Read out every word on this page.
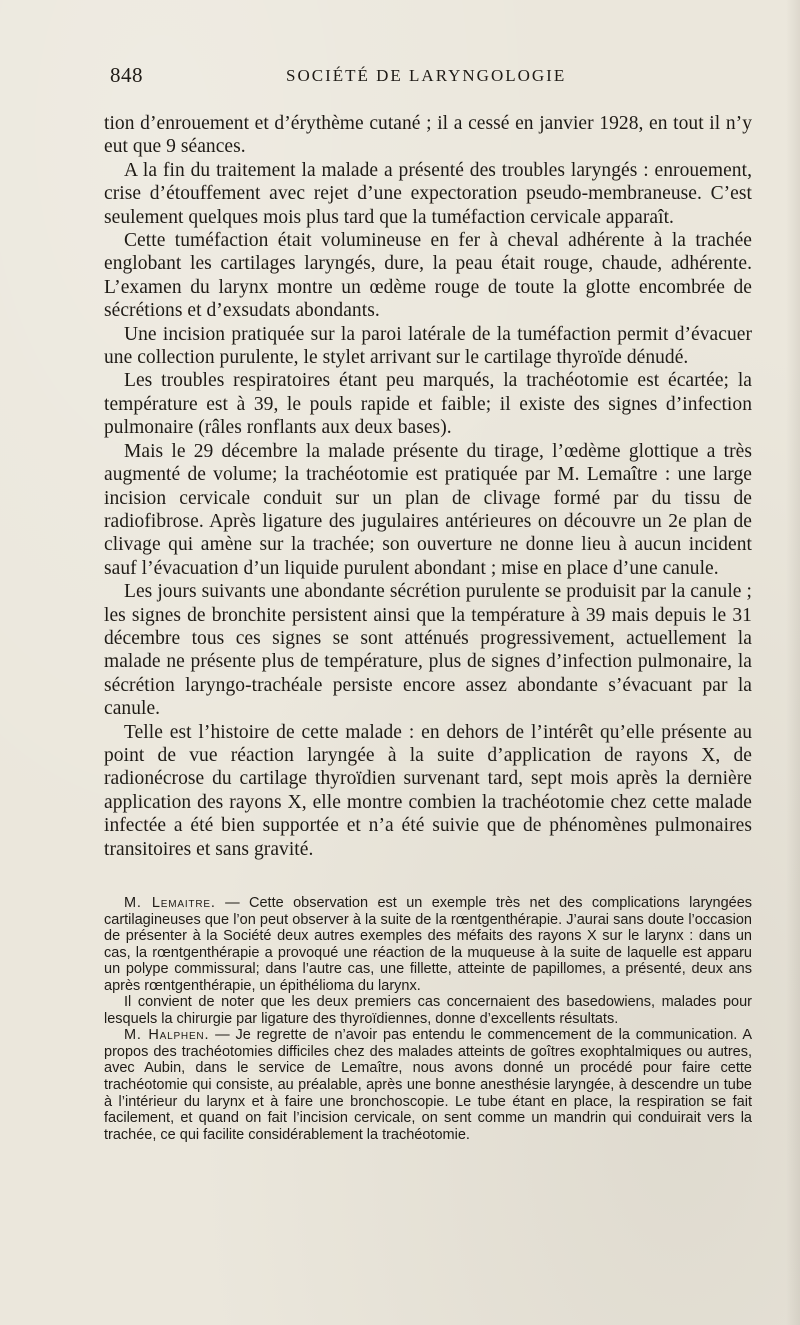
848	SOCIÉTÉ DE LARYNGOLOGIE

tion d’enrouement et d’érythème cutané ; il a cessé en janvier 1928, en tout il n’y eut que 9 séances.

A la fin du traitement la malade a présenté des troubles laryngés : enrouement, crise d’étouffement avec rejet d’une expectoration pseudo-membraneuse. C’est seulement quelques mois plus tard que la tuméfaction cervicale apparaît.

Cette tuméfaction était volumineuse en fer à cheval adhérente à la trachée englobant les cartilages laryngés, dure, la peau était rouge, chaude, adhérente. L’examen du larynx montre un œdème rouge de toute la glotte encombrée de sécrétions et d’exsudats abondants.

Une incision pratiquée sur la paroi latérale de la tuméfaction permit d’évacuer une collection purulente, le stylet arrivant sur le cartilage thyroïde dénudé.

Les troubles respiratoires étant peu marqués, la trachéotomie est écartée; la température est à 39, le pouls rapide et faible; il existe des signes d’infection pulmonaire (râles ronflants aux deux bases).

Mais le 29 décembre la malade présente du tirage, l’œdème glottique a très augmenté de volume; la trachéotomie est pratiquée par M. Lemaître : une large incision cervicale conduit sur un plan de clivage formé par du tissu de radiofibrose. Après ligature des jugulaires antérieures on découvre un 2e plan de clivage qui amène sur la trachée; son ouverture ne donne lieu à aucun incident sauf l’évacuation d’un liquide purulent abondant ; mise en place d’une canule.

Les jours suivants une abondante sécrétion purulente se produisit par la canule ; les signes de bronchite persistent ainsi que la température à 39 mais depuis le 31 décembre tous ces signes se sont atténués progressivement, actuellement la malade ne présente plus de température, plus de signes d’infection pulmonaire, la sécrétion laryngo-trachéale persiste encore assez abondante s’évacuant par la canule.

Telle est l’histoire de cette malade : en dehors de l’intérêt qu’elle présente au point de vue réaction laryngée à la suite d’application de rayons X, de radionécrose du cartilage thyroïdien survenant tard, sept mois après la dernière application des rayons X, elle montre combien la trachéotomie chez cette malade infectée a été bien supportée et n’a été suivie que de phénomènes pulmonaires transitoires et sans gravité.

M. Lemaitre. — Cette observation est un exemple très net des complications laryngées cartilagineuses que l’on peut observer à la suite de la rœntgenthérapie. J’aurai sans doute l’occasion de présenter à la Société deux autres exemples des méfaits des rayons X sur le larynx : dans un cas, la rœntgenthérapie a provoqué une réaction de la muqueuse à la suite de laquelle est apparu un polype commissural; dans l’autre cas, une fillette, atteinte de papillomes, a présenté, deux ans après rœntgenthérapie, un épithélioma du larynx.

Il convient de noter que les deux premiers cas concernaient des basedowiens, malades pour lesquels la chirurgie par ligature des thyroïdiennes, donne d’excellents résultats.

M. Halphen. — Je regrette de n’avoir pas entendu le commencement de la communication. A propos des trachéotomies difficiles chez des malades atteints de goîtres exophtalmiques ou autres, avec Aubin, dans le service de Lemaître, nous avons donné un procédé pour faire cette trachéotomie qui consiste, au préalable, après une bonne anesthésie laryngée, à descendre un tube à l’intérieur du larynx et à faire une bronchoscopie. Le tube étant en place, la respiration se fait facilement, et quand on fait l’incision cervicale, on sent comme un mandrin qui conduirait vers la trachée, ce qui facilite considérablement la trachéotomie.
